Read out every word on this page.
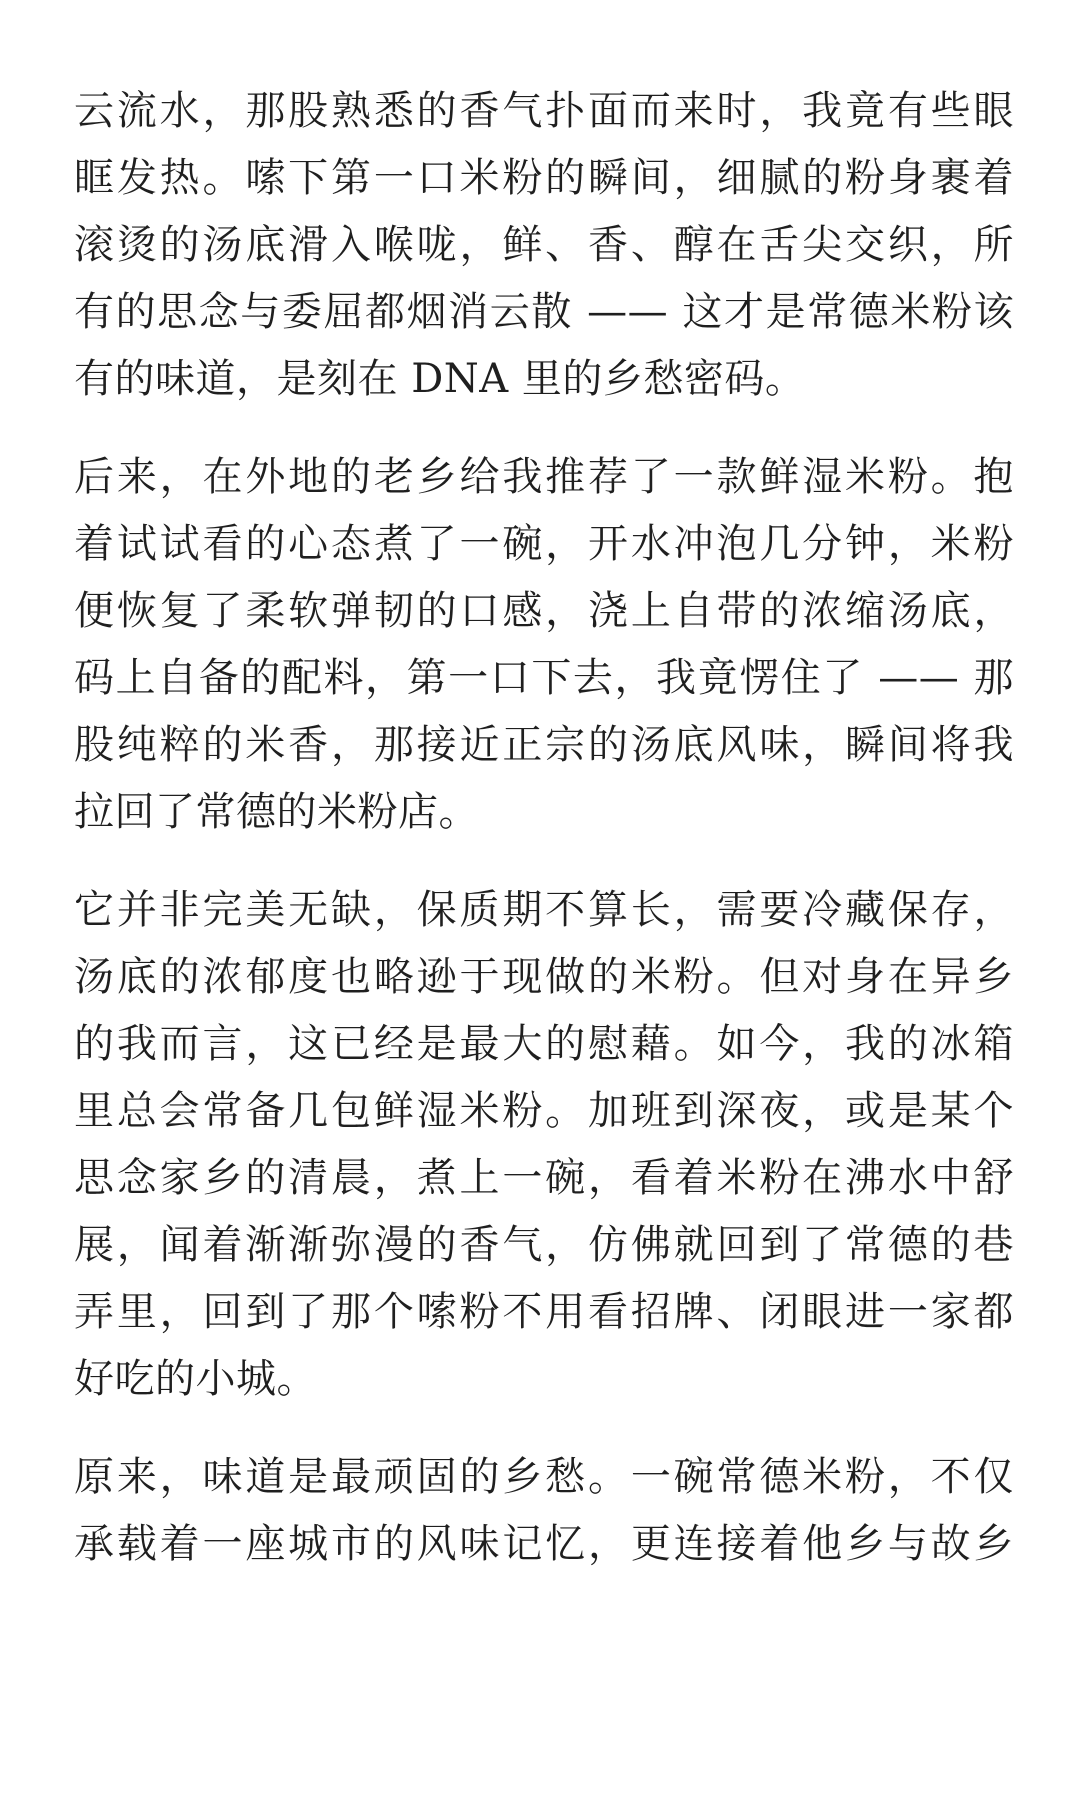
云流水，那股熟悉的香气扑面而来时，我竟有些眼
眶发热。嗦下第一口米粉的瞬间，细腻的粉身裹着
滚烫的汤底滑入喉咙，鲜、香、醇在舌尖交织，所
有的思念与委屈都烟消云散 —— 这才是常德米粉该
有的味道，是刻在 DNA 里的乡愁密码。
后来，在外地的老乡给我推荐了一款鲜湿米粉。抱
着试试看的心态煮了一碗，开水冲泡几分钟，米粉
便恢复了柔软弹韧的口感，浇上自带的浓缩汤底，
码上自备的配料，第一口下去，我竟愣住了 —— 那
股纯粹的米香，那接近正宗的汤底风味，瞬间将我
拉回了常德的米粉店。
它并非完美无缺，保质期不算长，需要冷藏保存，
汤底的浓郁度也略逊于现做的米粉。但对身在异乡
的我而言，这已经是最大的慰藉。如今，我的冰箱
里总会常备几包鲜湿米粉。加班到深夜，或是某个
思念家乡的清晨，煮上一碗，看着米粉在沸水中舒
展，闻着渐渐弥漫的香气，仿佛就回到了常德的巷
弄里，回到了那个嗦粉不用看招牌、闭眼进一家都
好吃的小城。
原来，味道是最顽固的乡愁。一碗常德米粉，不仅
承载着一座城市的风味记忆，更连接着他乡与故乡
